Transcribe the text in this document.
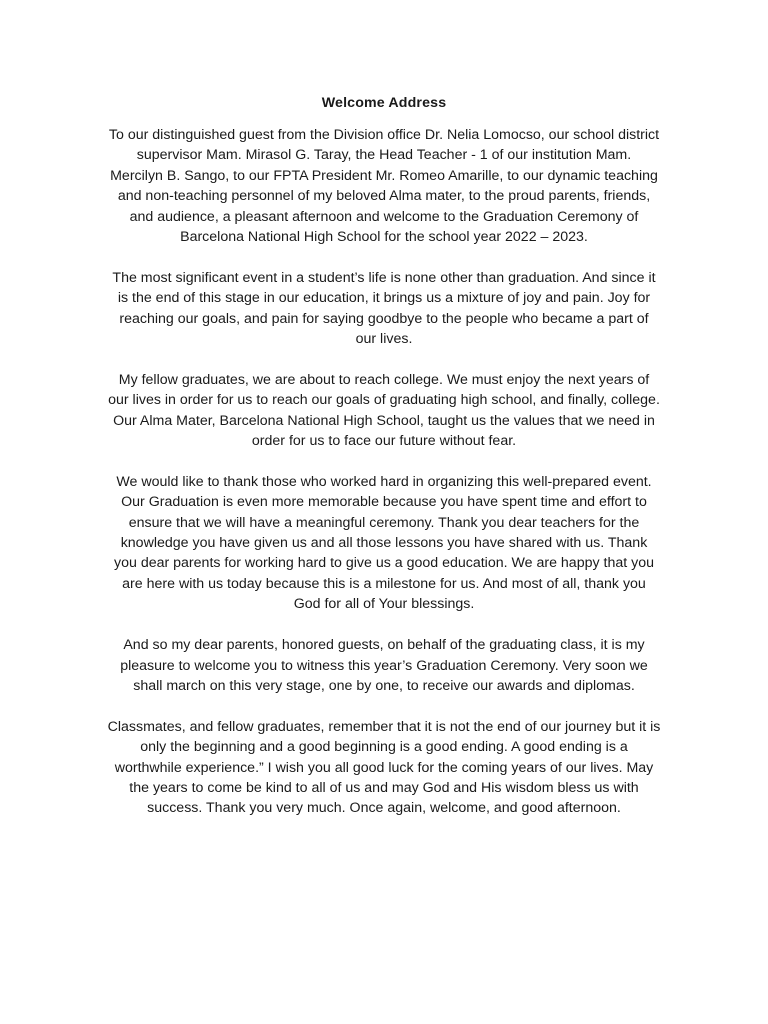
Welcome Address
To our distinguished guest from the Division office Dr. Nelia Lomocso, our school district
supervisor Mam. Mirasol G. Taray, the Head Teacher - 1 of our institution Mam.
Mercilyn B. Sango, to our FPTA President Mr. Romeo Amarille, to our dynamic teaching
and non-teaching personnel of my beloved Alma mater, to the proud parents, friends,
and audience, a pleasant afternoon and welcome to the Graduation Ceremony of
Barcelona National High School for the school year 2022 – 2023.
The most significant event in a student’s life is none other than graduation. And since it
is the end of this stage in our education, it brings us a mixture of joy and pain. Joy for
reaching our goals, and pain for saying goodbye to the people who became a part of
our lives.
My fellow graduates, we are about to reach college. We must enjoy the next years of
our lives in order for us to reach our goals of graduating high school, and finally, college.
Our Alma Mater, Barcelona National High School, taught us the values that we need in
order for us to face our future without fear.
We would like to thank those who worked hard in organizing this well-prepared event.
Our Graduation is even more memorable because you have spent time and effort to
ensure that we will have a meaningful ceremony. Thank you dear teachers for the
knowledge you have given us and all those lessons you have shared with us. Thank
you dear parents for working hard to give us a good education. We are happy that you
are here with us today because this is a milestone for us. And most of all, thank you
God for all of Your blessings.
And so my dear parents, honored guests, on behalf of the graduating class, it is my
pleasure to welcome you to witness this year’s Graduation Ceremony. Very soon we
shall march on this very stage, one by one, to receive our awards and diplomas.
Classmates, and fellow graduates, remember that it is not the end of our journey but it is
only the beginning and a good beginning is a good ending. A good ending is a
worthwhile experience.” I wish you all good luck for the coming years of our lives. May
the years to come be kind to all of us and may God and His wisdom bless us with
success. Thank you very much. Once again, welcome, and good afternoon.
